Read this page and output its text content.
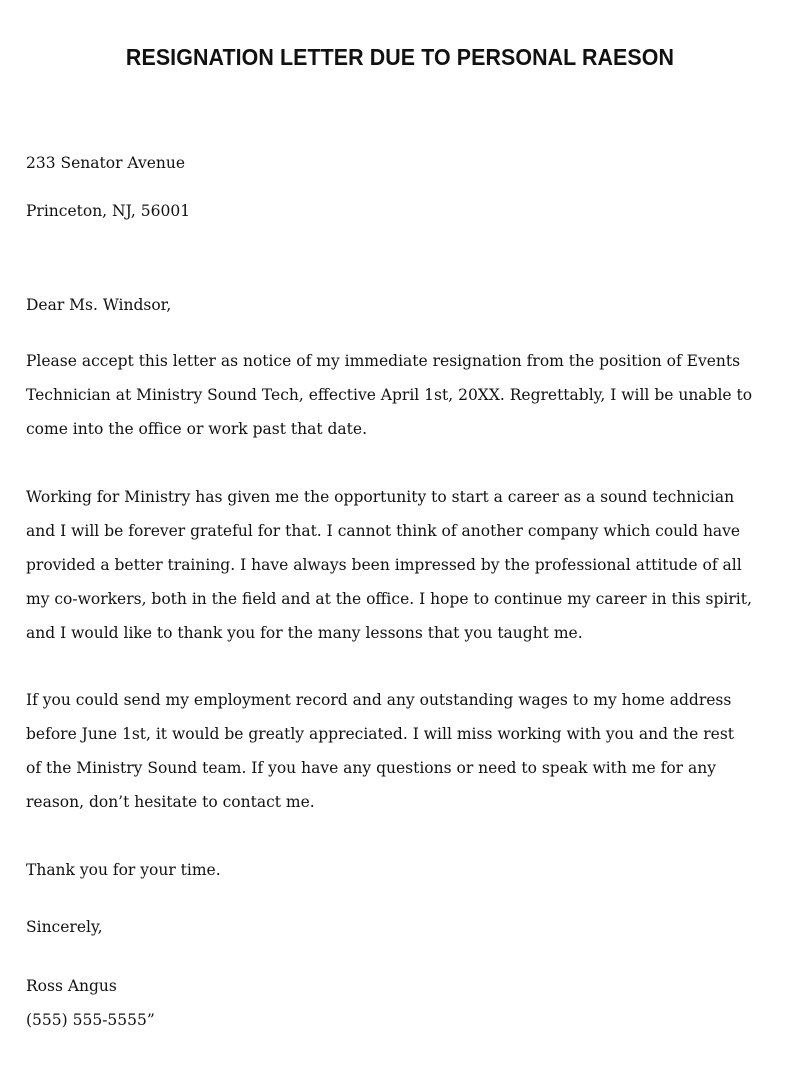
RESIGNATION LETTER DUE TO PERSONAL RAESON
233 Senator Avenue
Princeton, NJ, 56001
Dear Ms. Windsor,
Please accept this letter as notice of my immediate resignation from the position of Events
Technician at Ministry Sound Tech, effective April 1st, 20XX. Regrettably, I will be unable to
come into the office or work past that date.
Working for Ministry has given me the opportunity to start a career as a sound technician
and I will be forever grateful for that. I cannot think of another company which could have
provided a better training. I have always been impressed by the professional attitude of all
my co-workers, both in the field and at the office. I hope to continue my career in this spirit,
and I would like to thank you for the many lessons that you taught me.
If you could send my employment record and any outstanding wages to my home address
before June 1st, it would be greatly appreciated. I will miss working with you and the rest
of the Ministry Sound team. If you have any questions or need to speak with me for any
reason, don’t hesitate to contact me.
Thank you for your time.
Sincerely,
Ross Angus
(555) 555-5555”
